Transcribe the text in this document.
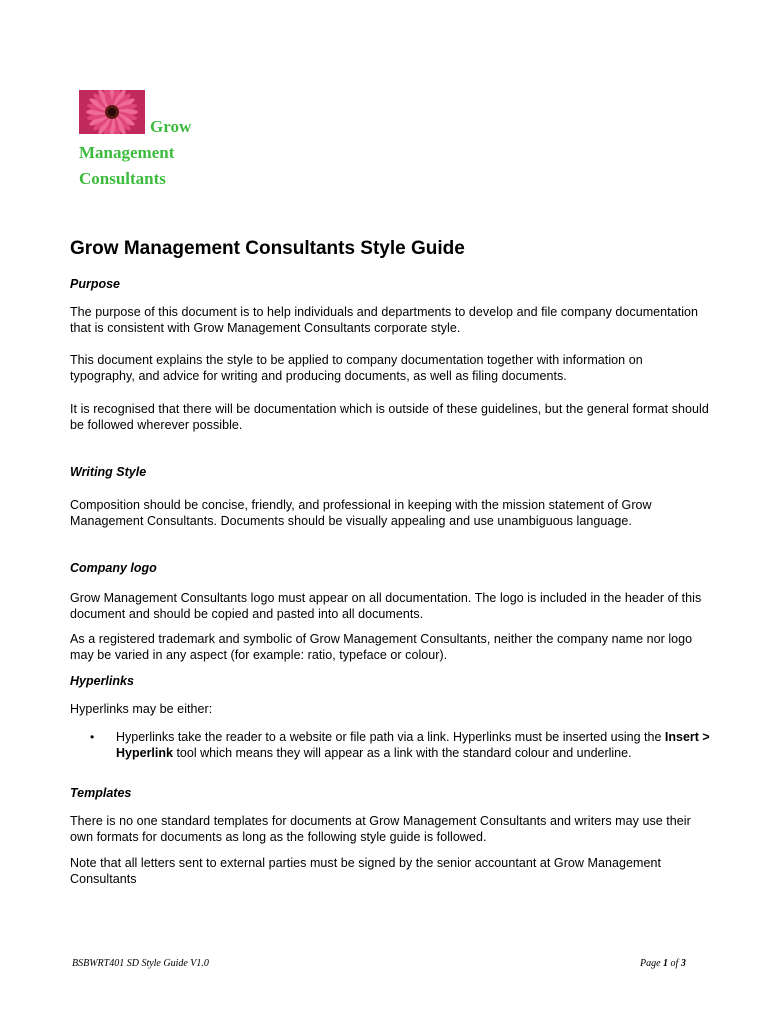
Grow
Management
Consultants
Grow Management Consultants Style Guide
Purpose

The purpose of this document is to help individuals and departments to develop and file company documentation that is consistent with Grow Management Consultants corporate style.

This document explains the style to be applied to company documentation together with information on typography, and advice for writing and producing documents, as well as filing documents.

It is recognised that there will be documentation which is outside of these guidelines, but the general format should be followed wherever possible.

Writing Style

Composition should be concise, friendly, and professional in keeping with the mission statement of Grow Management Consultants. Documents should be visually appealing and use unambiguous language.

Company logo

Grow Management Consultants logo must appear on all documentation. The logo is included in the header of this document and should be copied and pasted into all documents.

As a registered trademark and symbolic of Grow Management Consultants, neither the company name nor logo may be varied in any aspect (for example: ratio, typeface or colour).

Hyperlinks

Hyperlinks may be either:

• Hyperlinks take the reader to a website or file path via a link. Hyperlinks must be inserted using the Insert > Hyperlink tool which means they will appear as a link with the standard colour and underline.
Templates

There is no one standard templates for documents at Grow Management Consultants and writers may use their own formats for documents as long as the following style guide is followed.

Note that all letters sent to external parties must be signed by the senior accountant at Grow Management Consultants

BSBWRT401 SD Style Guide V1.0	Page 1 of 3
